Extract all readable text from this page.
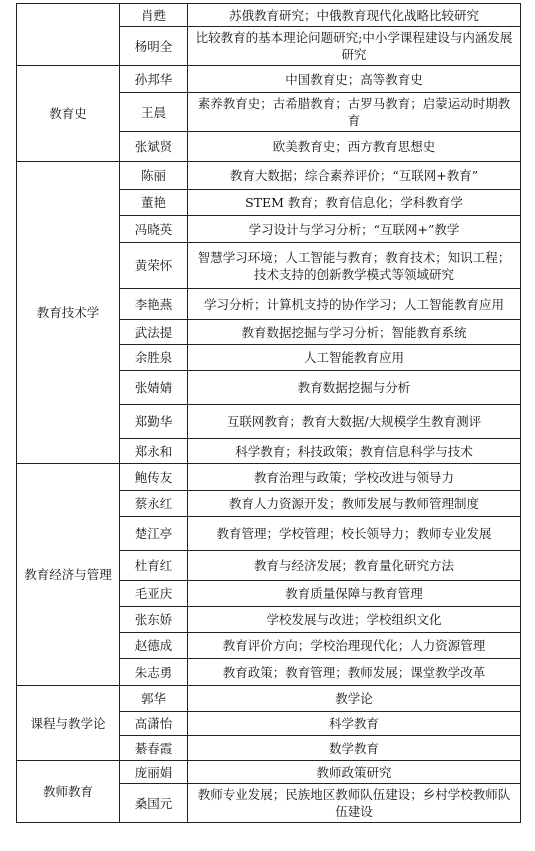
	肖甦	苏俄教育研究；中俄教育现代化战略比较研究
	杨明全	比较教育的基本理论问题研究;中小学课程建设与内涵发展研究
教育史	孙邦华	中国教育史；高等教育史
	王晨	素养教育史；古希腊教育；古罗马教育；启蒙运动时期教育
	张斌贤	欧美教育史；西方教育思想史
教育技术学	陈丽	教育大数据；综合素养评价；“互联网+教育”
	董艳	STEM 教育；教育信息化；学科教育学
	冯晓英	学习设计与学习分析；“互联网+”教学
	黄荣怀	智慧学习环境；人工智能与教育；教育技术；知识工程；技术支持的创新教学模式等领域研究
	李艳燕	学习分析；计算机支持的协作学习；人工智能教育应用
	武法提	教育数据挖掘与学习分析；智能教育系统
	余胜泉	人工智能教育应用
	张婧婧	教育数据挖掘与分析
	郑勤华	互联网教育；教育大数据/大规模学生教育测评
	郑永和	科学教育；科技政策；教育信息科学与技术
教育经济与管理	鲍传友	教育治理与政策；学校改进与领导力
	蔡永红	教育人力资源开发；教师发展与教师管理制度
	楚江亭	教育管理；学校管理；校长领导力；教师专业发展
	杜育红	教育与经济发展；教育量化研究方法
	毛亚庆	教育质量保障与教育管理
	张东娇	学校发展与改进；学校组织文化
	赵德成	教育评价方向；学校治理现代化；人力资源管理
	朱志勇	教育政策；教育管理；教师发展；课堂教学改革
课程与教学论	郭华	教学论
	高潇怡	科学教育
	綦春霞	数学教育
教师教育	庞丽娟	教师政策研究
	桑国元	教师专业发展；民族地区教师队伍建设；乡村学校教师队伍建设
